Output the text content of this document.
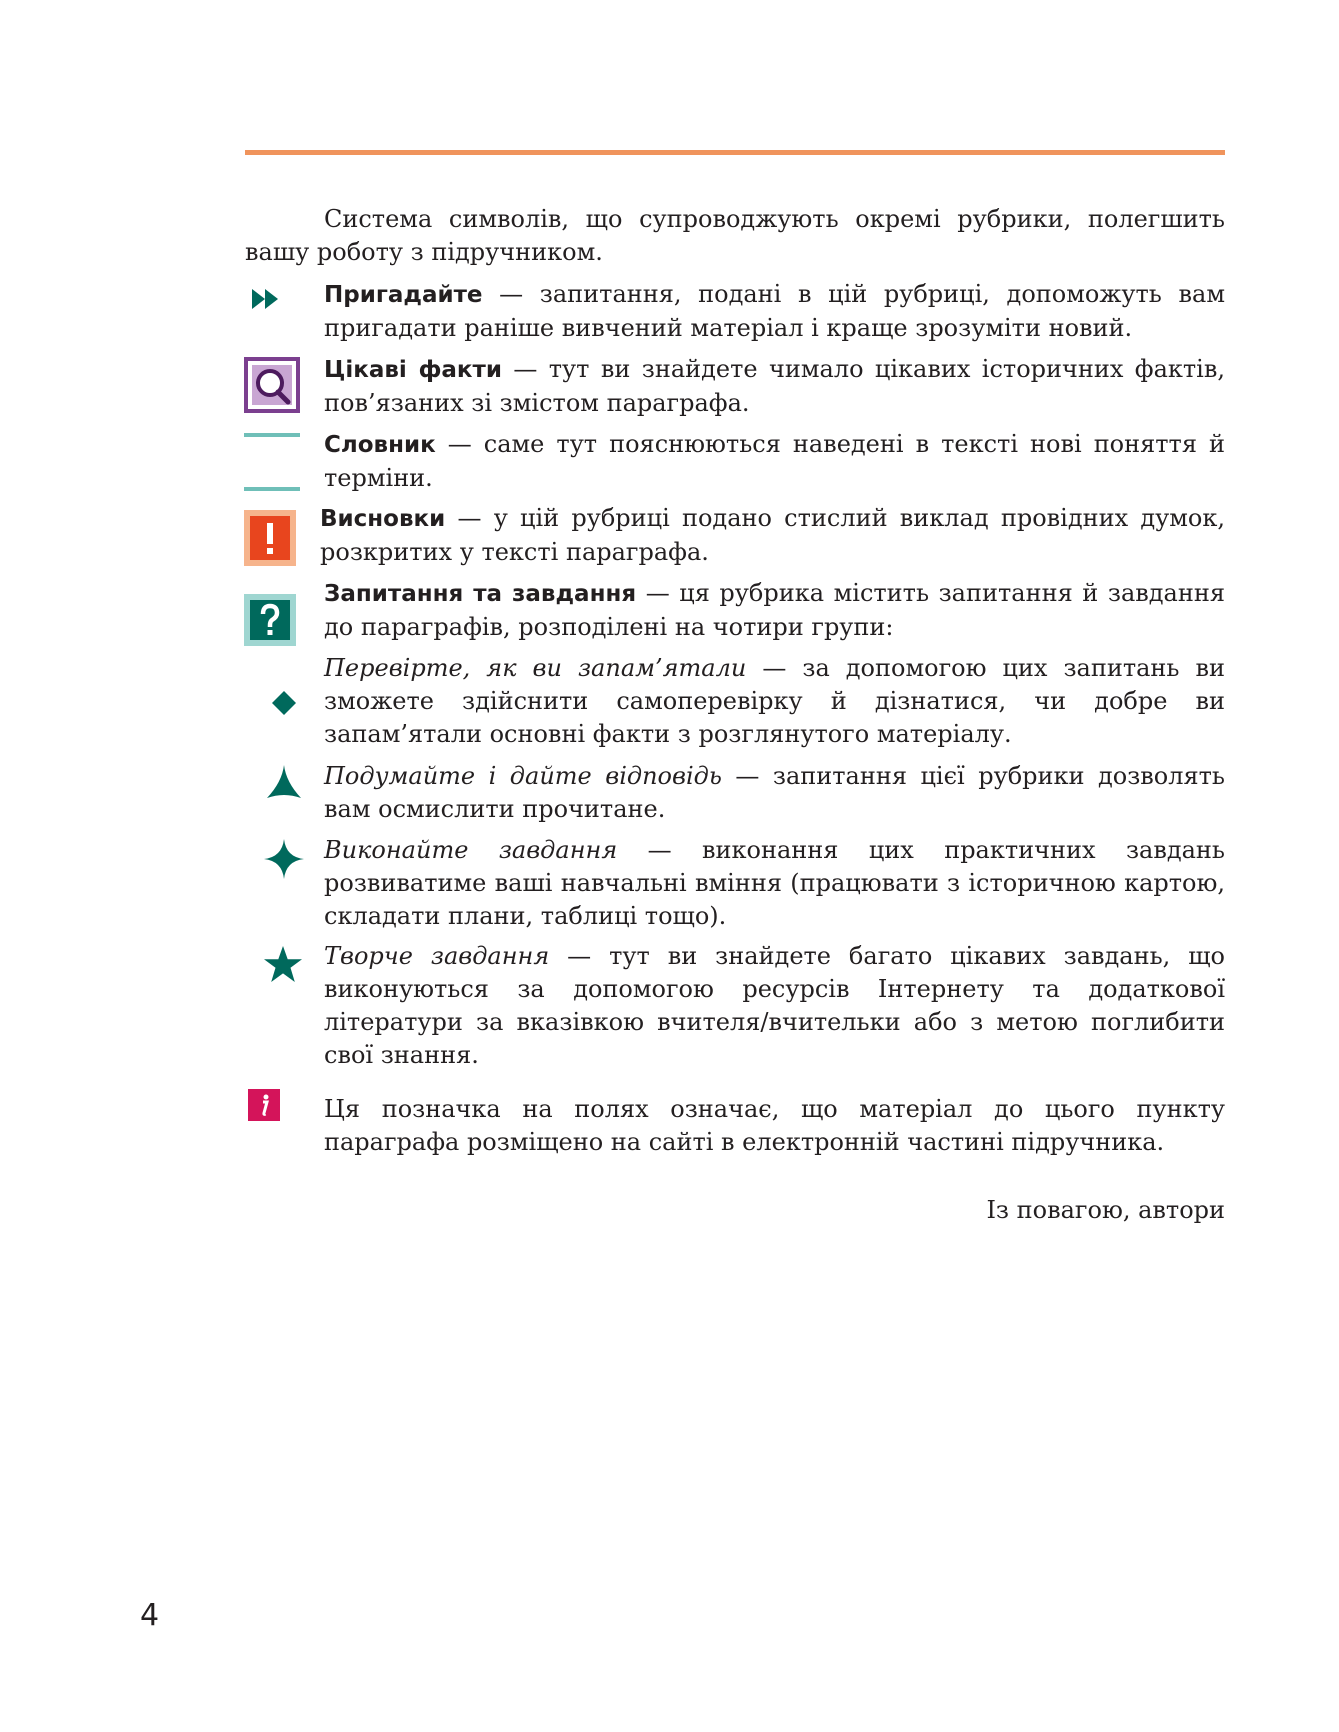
Система символів, що супроводжують окремі рубрики, полегшить вашу роботу з підручником.

Пригадайте — запитання, подані в цій рубриці, допоможуть вам пригадати раніше вивчений матеріал і краще зрозуміти новий.

Цікаві факти — тут ви знайдете чимало цікавих історичних фактів, пов’язаних зі змістом параграфа.

Словник — саме тут пояснюються наведені в тексті нові поняття й терміни.

Висновки — у цій рубриці подано стислий виклад провідних думок, розкритих у тексті параграфа.

Запитання та завдання — ця рубрика містить запитання й завдання до параграфів, розподілені на чотири групи:

Перевірте, як ви запам’ятали — за допомогою цих запитань ви зможете здійснити самоперевірку й дізнатися, чи добре ви запам’ятали основні факти з розглянутого матеріалу.

Подумайте і дайте відповідь — запитання цієї рубрики дозволять вам осмислити прочитане.

Виконайте завдання — виконання цих практичних завдань розвиватиме ваші навчальні вміння (працювати з історичною картою, складати плани, таблиці тощо).

Творче завдання — тут ви знайдете багато цікавих завдань, що виконуються за допомогою ресурсів Інтернету та додаткової літератури за вказівкою вчителя/вчительки або з метою поглибити свої знання.

Ця позначка на полях означає, що матеріал до цього пункту параграфа розміщено на сайті в електронній частині підручника.

Із повагою, автори
4
